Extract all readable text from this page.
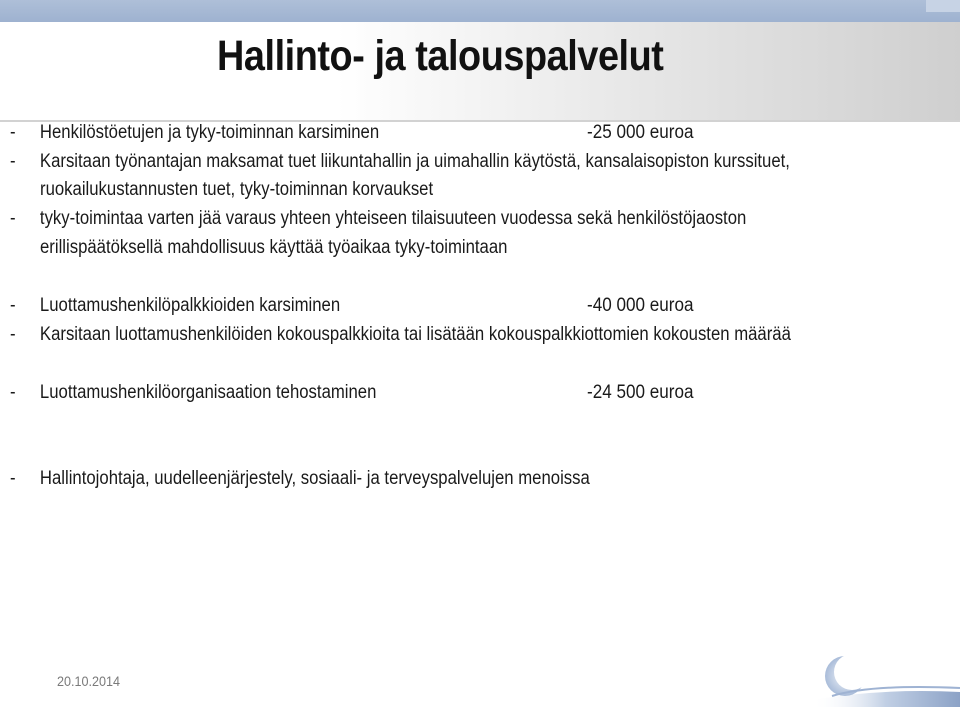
Hallinto- ja talouspalvelut
- Henkilöstöetujen ja tyky-toiminnan karsiminen	-25 000 euroa
- Karsitaan työnantajan maksamat tuet liikuntahallin ja uimahallin käytöstä, kansalaisopiston kurssituet,
ruokailukustannusten tuet, tyky-toiminnan korvaukset
- tyky-toimintaa varten jää varaus yhteen yhteiseen tilaisuuteen vuodessa sekä henkilöstöjaoston
erillispäätöksellä mahdollisuus käyttää työaikaa tyky-toimintaan
- Luottamushenkilöpalkkioiden karsiminen	-40 000 euroa
- Karsitaan luottamushenkilöiden kokouspalkkioita tai lisätään kokouspalkkiottomien kokousten määrää
- Luottamushenkilöorganisaation tehostaminen	-24 500 euroa
- Hallintojohtaja, uudelleenjärjestely, sosiaali- ja terveyspalvelujen menoissa
20.10.2014
